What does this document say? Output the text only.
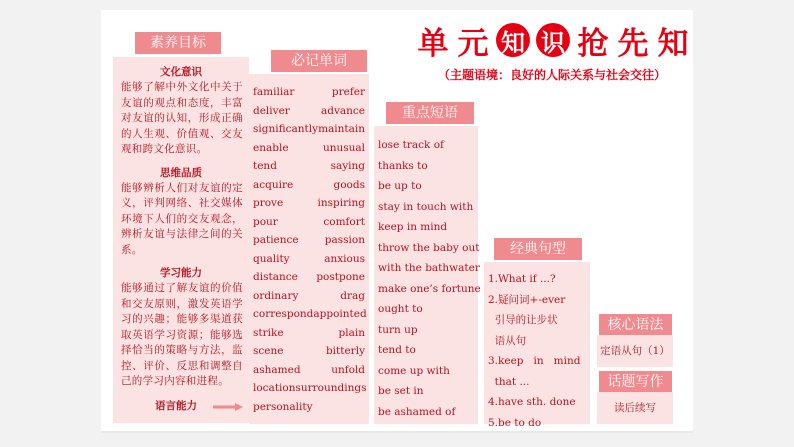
单 元 知 识 抢 先 知
（主题语境：良好的人际关系与社会交往）
素养目标
文化意识
能够了解中外文化中关于友谊的观点和态度，丰富对友谊的认知，形成正确的人生观、价值观、交友观和跨文化意识。
思维品质
能够辨析人们对友谊的定义，评判网络、社交媒体环境下人们的交友观念，辨析友谊与法律之间的关系。
学习能力
能够通过了解友谊的价值和交友原则，激发英语学习的兴趣；能够多渠道获取英语学习资源；能够选择恰当的策略与方法，监控、评价、反思和调整自己的学习内容和进程。
语言能力
必记单词
familiar	prefer
deliver	advance
significantly maintain
enable	unusual
tend	saying
acquire	goods
prove	inspiring
pour	comfort
patience passion
quality	anxious
distance postpone
ordinary	drag
correspond appointed
strike	plain
scene	bitterly
ashamed	unfold
location surroundings
personality
重点短语
lose track of
thanks to
be up to
stay in touch with
keep in mind
throw the baby out
with the bathwater
make one’s fortune
ought to
turn up
tend to
come up with
be set in
be ashamed of
经典句型
1.What if ...?
2.疑问词+-ever
引导的让步状
语从句
3.keep   in   mind
that ...
4.have sth. done
5.be to do
核心语法
定语从句（1）
话题写作
读后续写
